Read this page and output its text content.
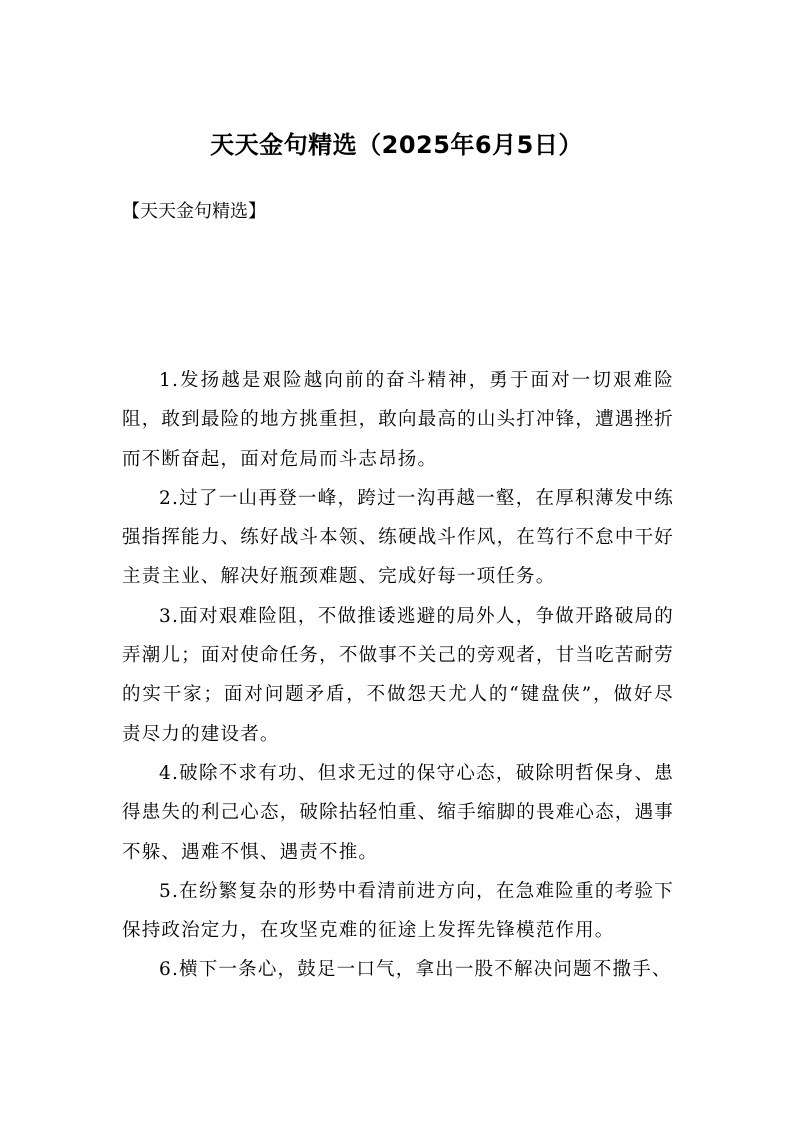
天天金句精选（2025年6月5日）

【天天金句精选】

1.发扬越是艰险越向前的奋斗精神，勇于面对一切艰难险阻，敢到最险的地方挑重担，敢向最高的山头打冲锋，遭遇挫折而不断奋起，面对危局而斗志昂扬。

2.过了一山再登一峰，跨过一沟再越一壑，在厚积薄发中练强指挥能力、练好战斗本领、练硬战斗作风，在笃行不怠中干好主责主业、解决好瓶颈难题、完成好每一项任务。

3.面对艰难险阻，不做推诿逃避的局外人，争做开路破局的弄潮儿；面对使命任务，不做事不关己的旁观者，甘当吃苦耐劳的实干家；面对问题矛盾，不做怨天尤人的“键盘侠”，做好尽责尽力的建设者。

4.破除不求有功、但求无过的保守心态，破除明哲保身、患得患失的利己心态，破除拈轻怕重、缩手缩脚的畏难心态，遇事不躲、遇难不惧、遇责不推。

5.在纷繁复杂的形势中看清前进方向，在急难险重的考验下保持政治定力，在攻坚克难的征途上发挥先锋模范作用。

6.横下一条心，鼓足一口气，拿出一股不解决问题不撒手、
